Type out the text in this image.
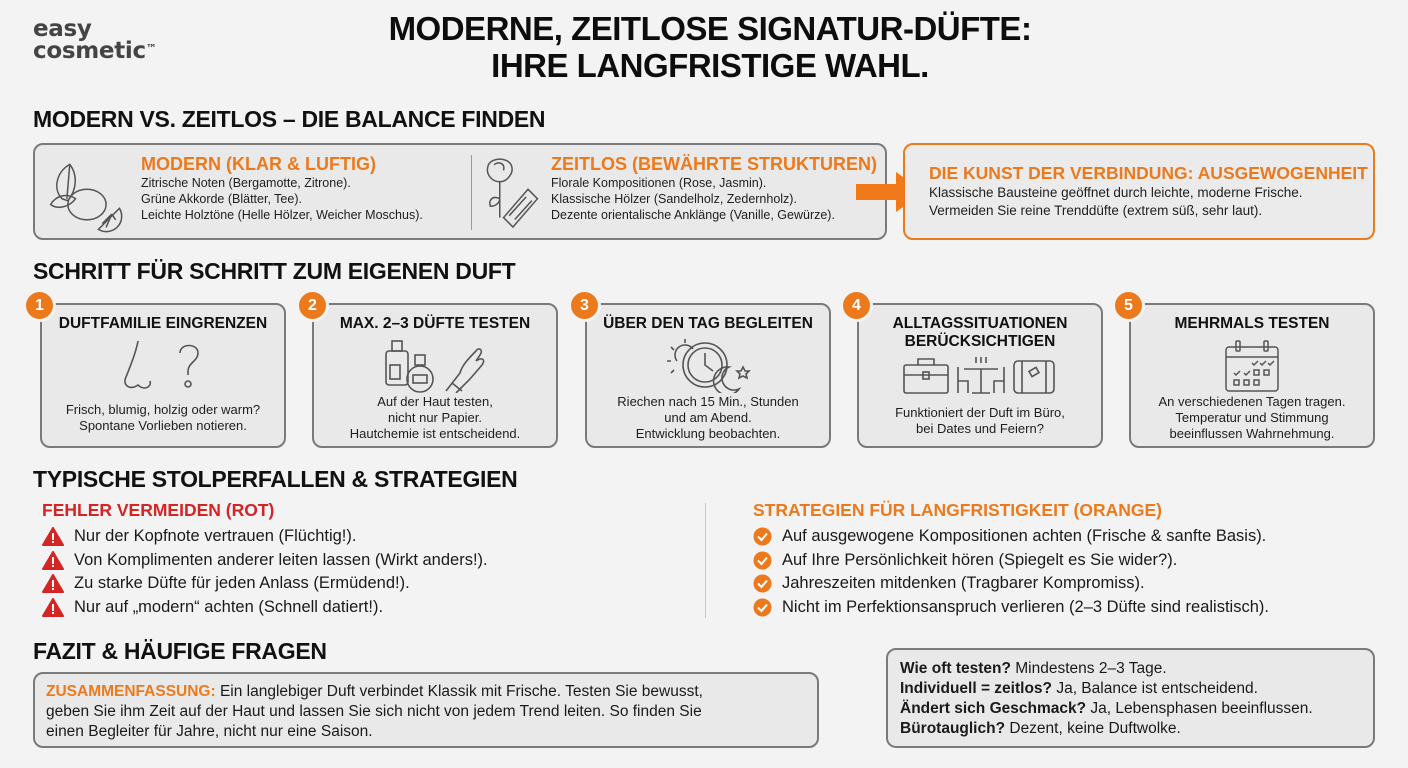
easy
cosmetic™
MODERNE, ZEITLOSE SIGNATUR-DÜFTE:
IHRE LANGFRISTIGE WAHL.
MODERN VS. ZEITLOS – DIE BALANCE FINDEN
MODERN (KLAR & LUFTIG)
Zitrische Noten (Bergamotte, Zitrone).
Grüne Akkorde (Blätter, Tee).
Leichte Holztöne (Helle Hölzer, Weicher Moschus).
ZEITLOS (BEWÄHRTE STRUKTUREN)
Florale Kompositionen (Rose, Jasmin).
Klassische Hölzer (Sandelholz, Zedernholz).
Dezente orientalische Anklänge (Vanille, Gewürze).
DIE KUNST DER VERBINDUNG: AUSGEWOGENHEIT
Klassische Bausteine geöffnet durch leichte, moderne Frische.
Vermeiden Sie reine Trenddüfte (extrem süß, sehr laut).
SCHRITT FÜR SCHRITT ZUM EIGENEN DUFT
DUFTFAMILIE EINGRENZEN
Frisch, blumig, holzig oder warm?
Spontane Vorlieben notieren.
1
MAX. 2–3 DÜFTE TESTEN
Auf der Haut testen,
nicht nur Papier.
Hautchemie ist entscheidend.
2
ÜBER DEN TAG BEGLEITEN
Riechen nach 15 Min., Stunden
und am Abend.
Entwicklung beobachten.
3
ALLTAGSSITUATIONEN
BERÜCKSICHTIGEN
Funktioniert der Duft im Büro,
bei Dates und Feiern?
4
MEHRMALS TESTEN
An verschiedenen Tagen tragen.
Temperatur und Stimmung
beeinflussen Wahrnehmung.
5
TYPISCHE STOLPERFALLEN & STRATEGIEN
FEHLER VERMEIDEN (ROT)
Nur der Kopfnote vertrauen (Flüchtig!).
Von Komplimenten anderer leiten lassen (Wirkt anders!).
Zu starke Düfte für jeden Anlass (Ermüdend!).
Nur auf „modern“ achten (Schnell datiert!).
STRATEGIEN FÜR LANGFRISTIGKEIT (ORANGE)
Auf ausgewogene Kompositionen achten (Frische & sanfte Basis).
Auf Ihre Persönlichkeit hören (Spiegelt es Sie wider?).
Jahreszeiten mitdenken (Tragbarer Kompromiss).
Nicht im Perfektionsanspruch verlieren (2–3 Düfte sind realistisch).
FAZIT & HÄUFIGE FRAGEN
ZUSAMMENFASSUNG: Ein langlebiger Duft verbindet Klassik mit Frische. Testen Sie bewusst,
geben Sie ihm Zeit auf der Haut und lassen Sie sich nicht von jedem Trend leiten. So finden Sie
einen Begleiter für Jahre, nicht nur eine Saison.
Wie oft testen? Mindestens 2–3 Tage.
Individuell = zeitlos? Ja, Balance ist entscheidend.
Ändert sich Geschmack? Ja, Lebensphasen beeinflussen.
Bürotauglich? Dezent, keine Duftwolke.
